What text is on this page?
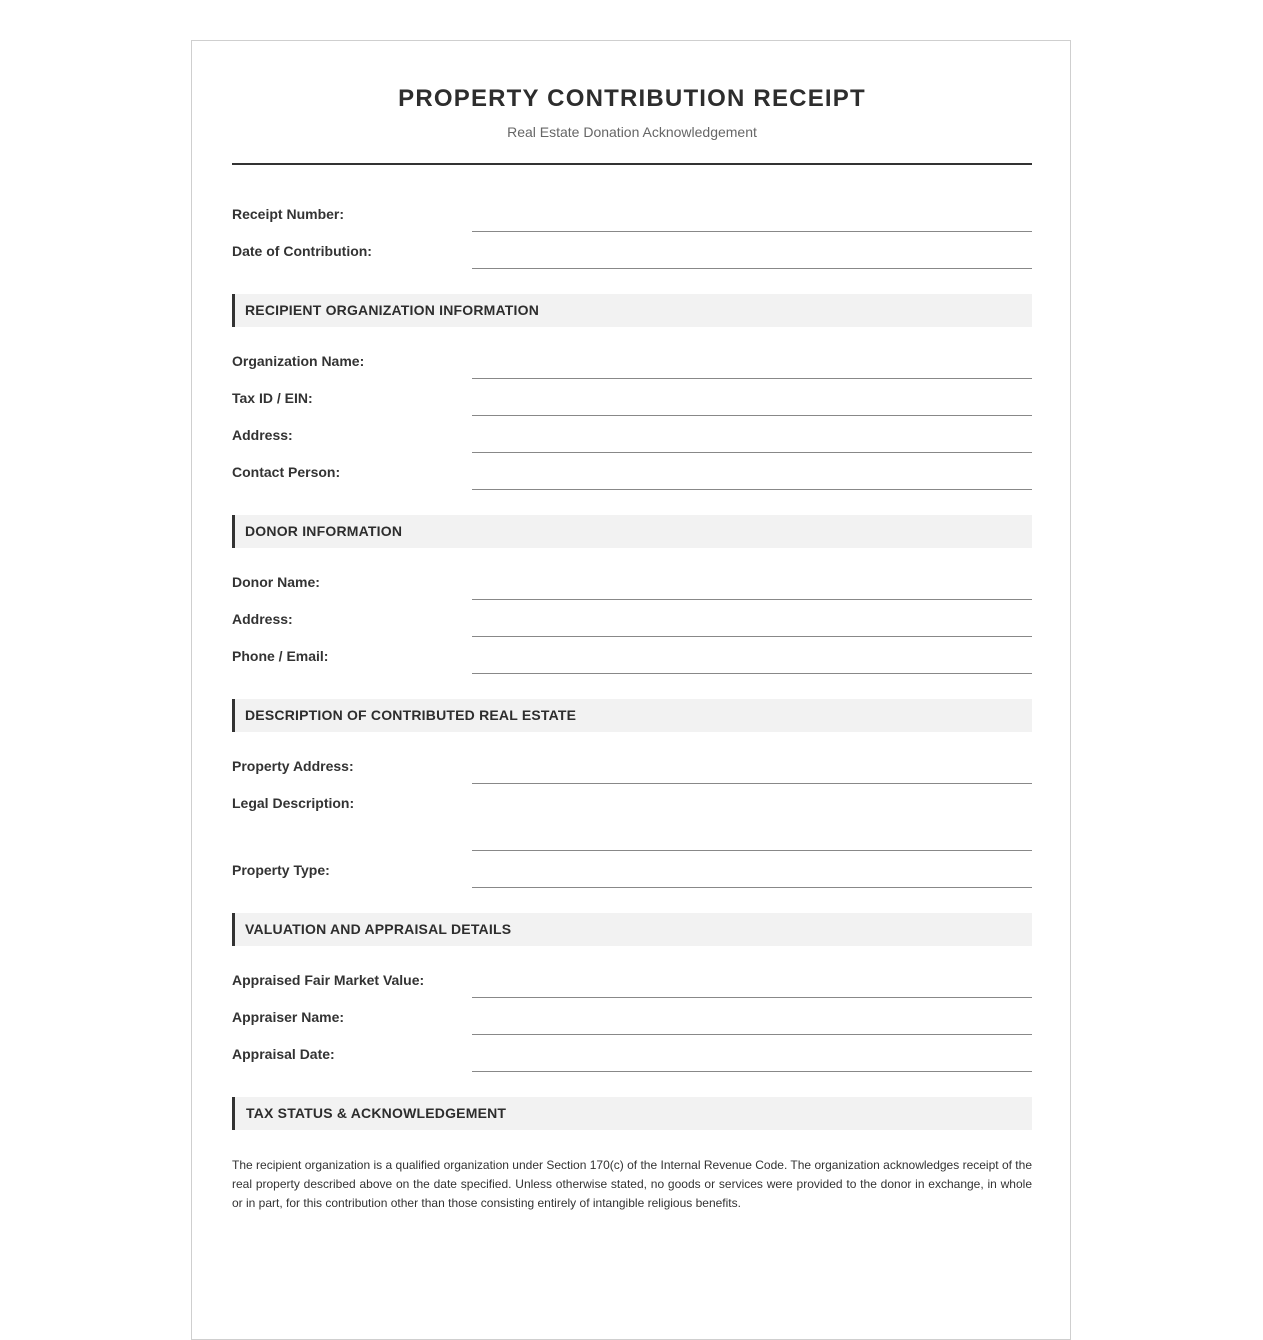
PROPERTY CONTRIBUTION RECEIPT
Real Estate Donation Acknowledgement
Receipt Number:
Date of Contribution:
RECIPIENT ORGANIZATION INFORMATION
Organization Name:
Tax ID / EIN:
Address:
Contact Person:
DONOR INFORMATION
Donor Name:
Address:
Phone / Email:
DESCRIPTION OF CONTRIBUTED REAL ESTATE
Property Address:
Legal Description:
Property Type:
VALUATION AND APPRAISAL DETAILS
Appraised Fair Market Value:
Appraiser Name:
Appraisal Date:
TAX STATUS & ACKNOWLEDGEMENT

The recipient organization is a qualified organization under Section 170(c) of the Internal Revenue Code. The organization acknowledges receipt of the real property described above on the date specified. Unless otherwise stated, no goods or services were provided to the donor in exchange, in whole or in part, for this contribution other than those consisting entirely of intangible religious benefits.
